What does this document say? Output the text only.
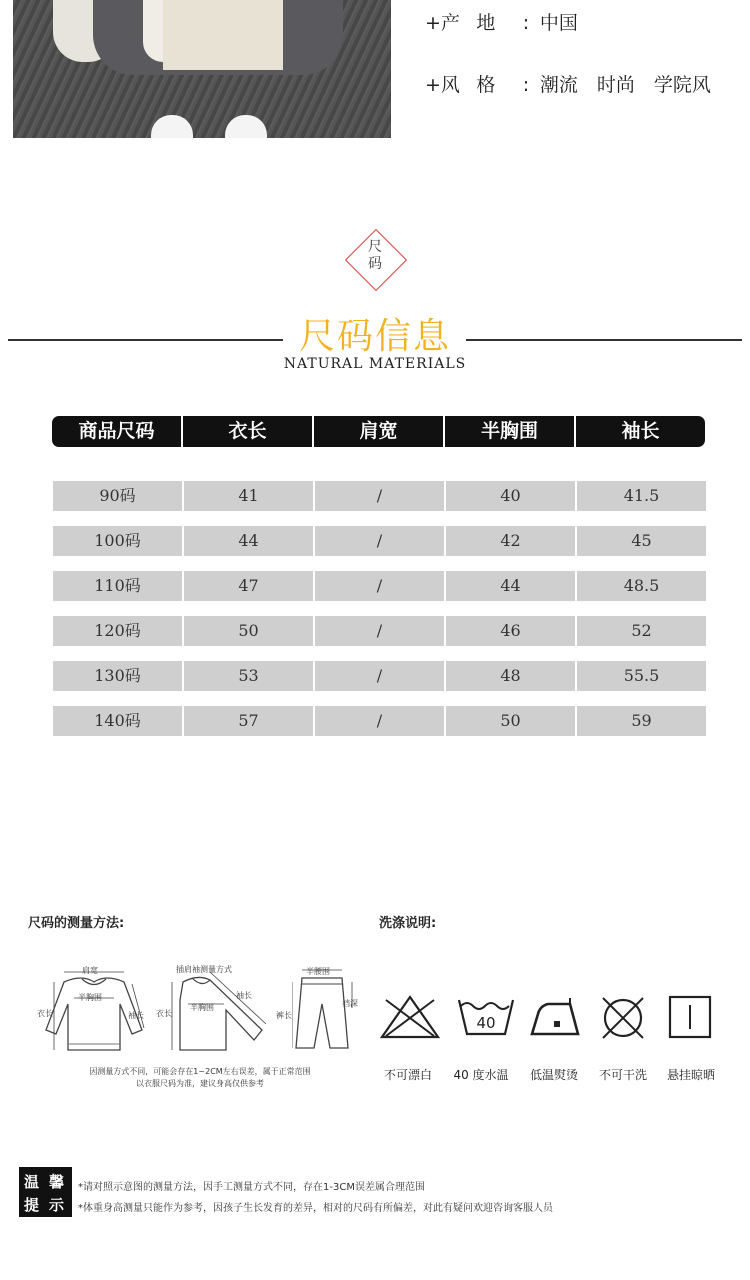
+产 地 : 中国
+风 格 : 潮流　时尚　学院风
尺
码
尺码信息
NATURAL MATERIALS
商品尺码	衣长	肩宽	半胸围	袖长
90码	41	/	40	41.5
100码	44	/	42	45
110码	47	/	44	48.5
120码	50	/	46	52
130码	53	/	48	55.5
140码	57	/	50	59
尺码的测量方法:
肩宽
半胸围
衣长	袖长
插肩袖测量方式
袖长
半胸围
衣长
半腰围
裆深
裤长
因测量方式不同，可能会存在1~2CM左右误差，属于正常范围
以衣服尺码为准，建议身高仅供参考
洗涤说明:
40
不可漂白	40 度水温	低温熨烫	不可干洗	悬挂晾晒
温 馨
提 示
*请对照示意图的测量方法，因手工测量方式不同，存在1-3CM误差属合理范围
*体重身高测量只能作为参考，因孩子生长发育的差异，相对的尺码有所偏差，对此有疑问欢迎咨询客服人员
